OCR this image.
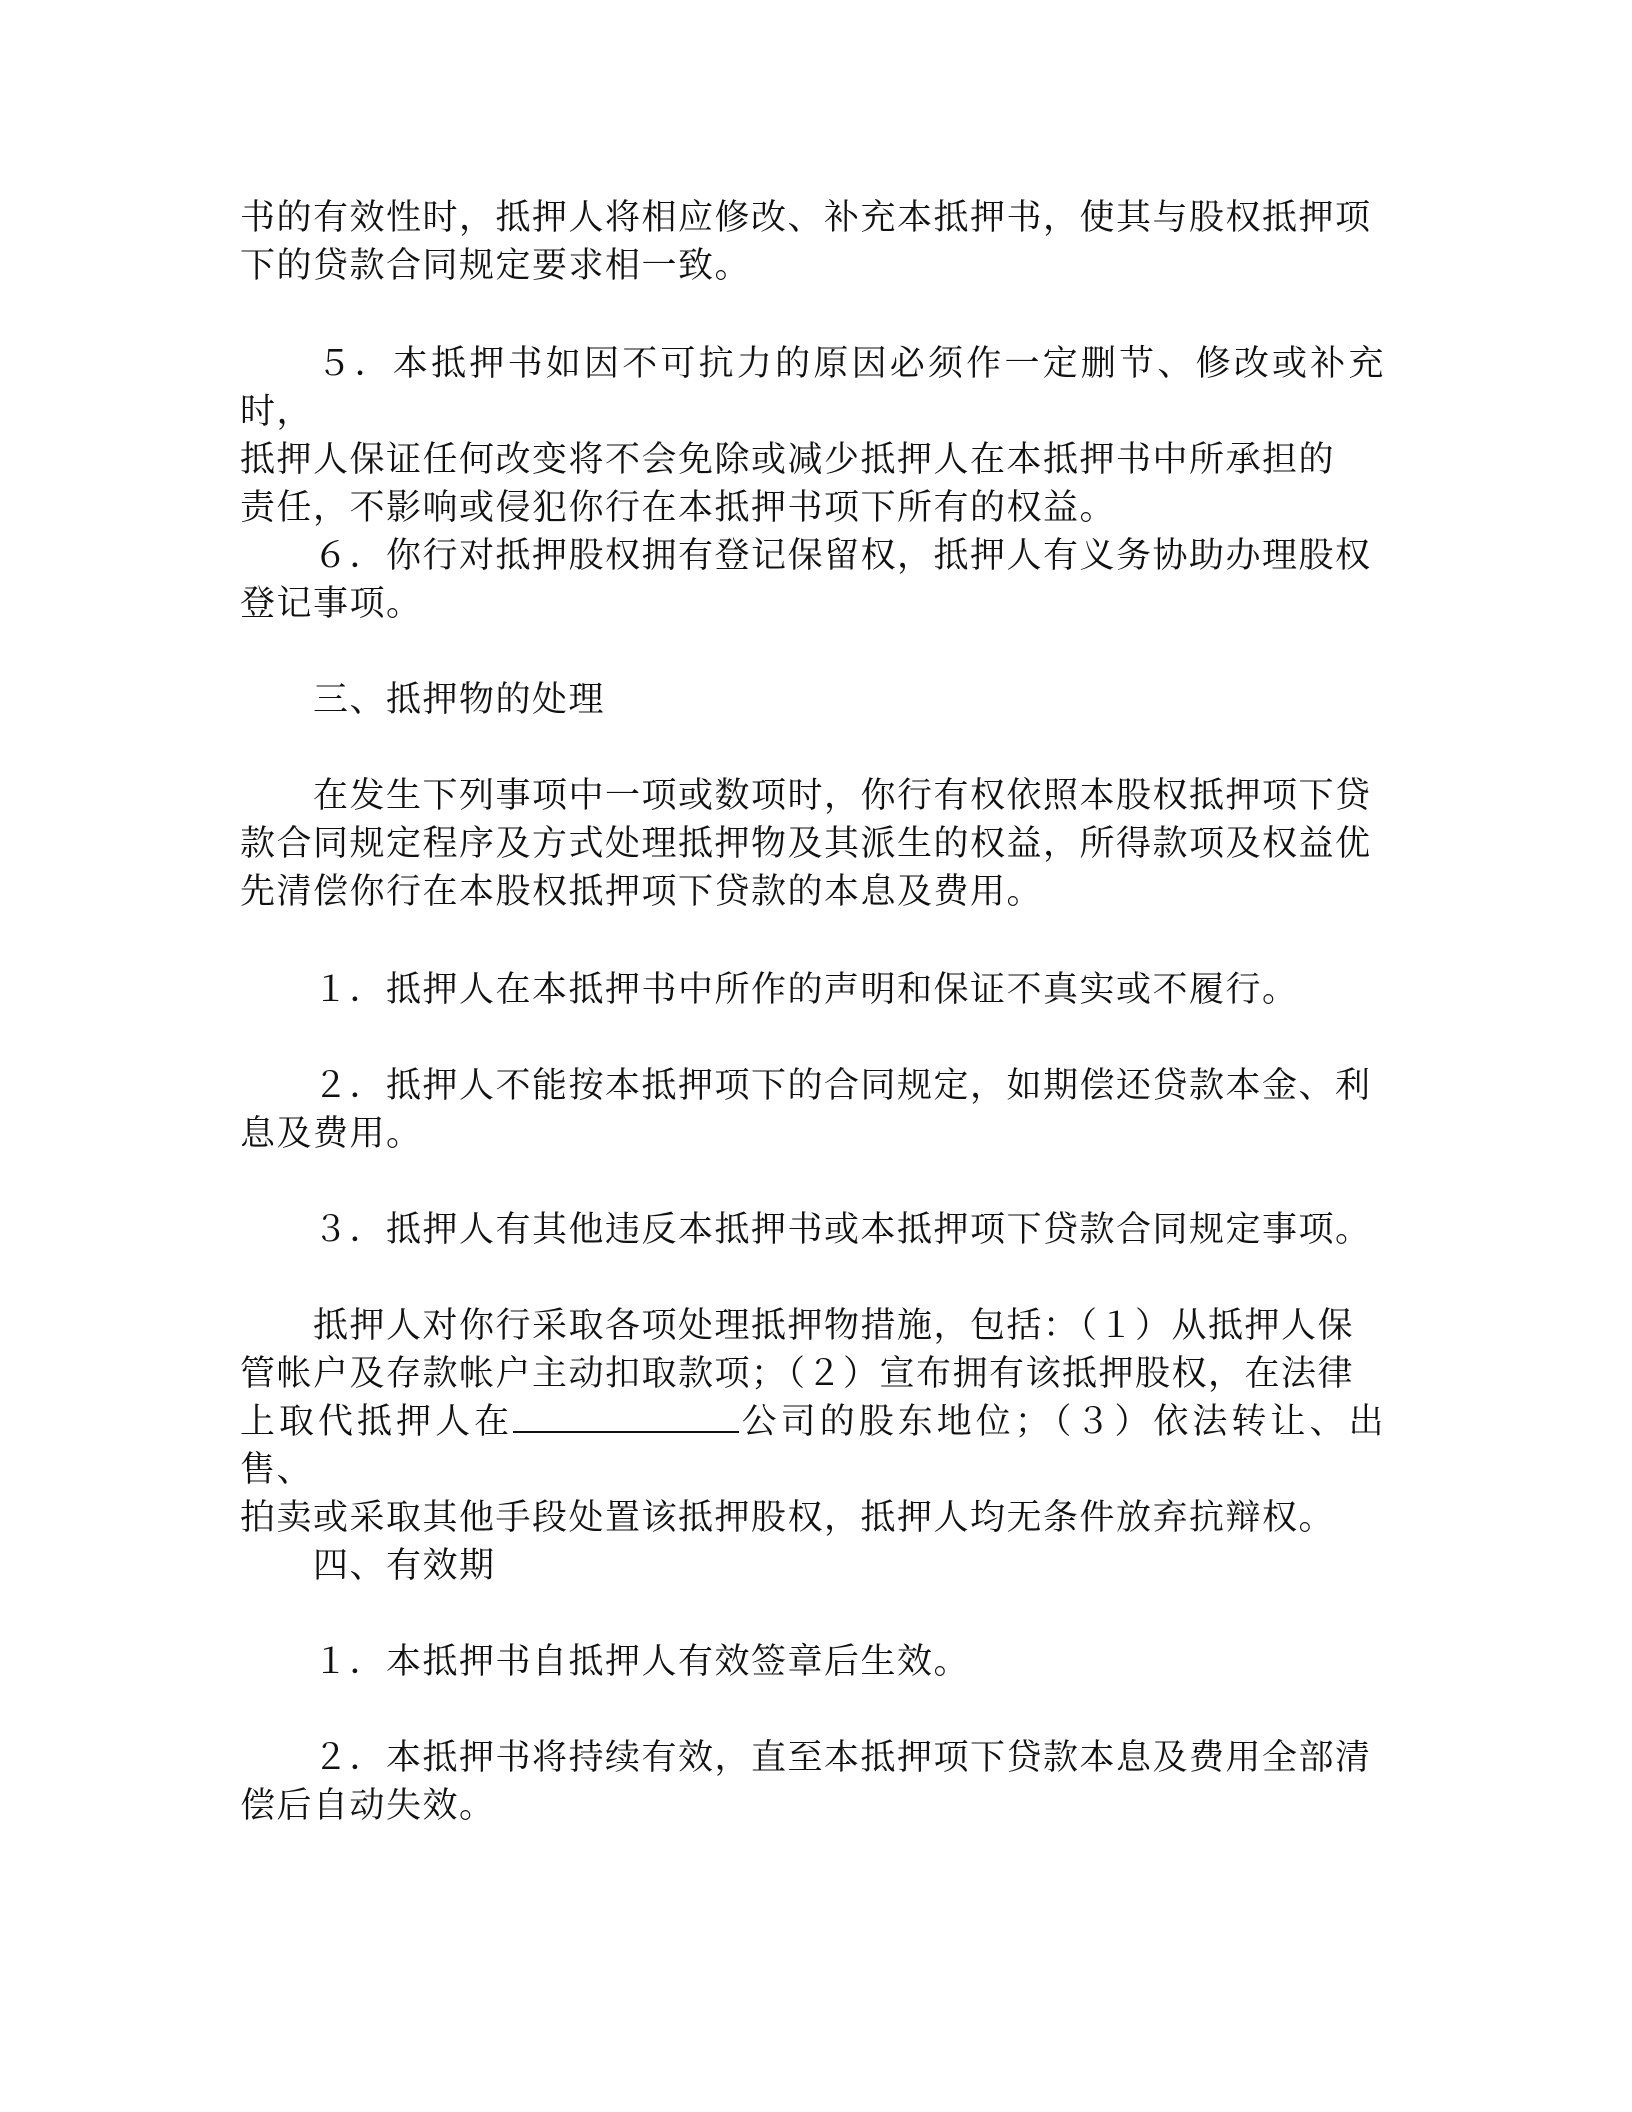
书的有效性时，抵押人将相应修改、补充本抵押书，使其与股权抵押项
下的贷款合同规定要求相一致。
　　５．本抵押书如因不可抗力的原因必须作一定删节、修改或补充时，
抵押人保证任何改变将不会免除或减少抵押人在本抵押书中所承担的
责任，不影响或侵犯你行在本抵押书项下所有的权益。
　　６．你行对抵押股权拥有登记保留权，抵押人有义务协助办理股权
登记事项。
　　三、抵押物的处理
　　在发生下列事项中一项或数项时，你行有权依照本股权抵押项下贷
款合同规定程序及方式处理抵押物及其派生的权益，所得款项及权益优
先清偿你行在本股权抵押项下贷款的本息及费用。
　　１．抵押人在本抵押书中所作的声明和保证不真实或不履行。
　　２．抵押人不能按本抵押项下的合同规定，如期偿还贷款本金、利
息及费用。
　　３．抵押人有其他违反本抵押书或本抵押项下贷款合同规定事项。
　　抵押人对你行采取各项处理抵押物措施，包括：（１）从抵押人保
管帐户及存款帐户主动扣取款项；（２）宣布拥有该抵押股权，在法律
上取代抵押人在	公司的股东地位；（３）依法转让、出售、
拍卖或采取其他手段处置该抵押股权，抵押人均无条件放弃抗辩权。
　　四、有效期
　　１．本抵押书自抵押人有效签章后生效。
　　２．本抵押书将持续有效，直至本抵押项下贷款本息及费用全部清
偿后自动失效。
